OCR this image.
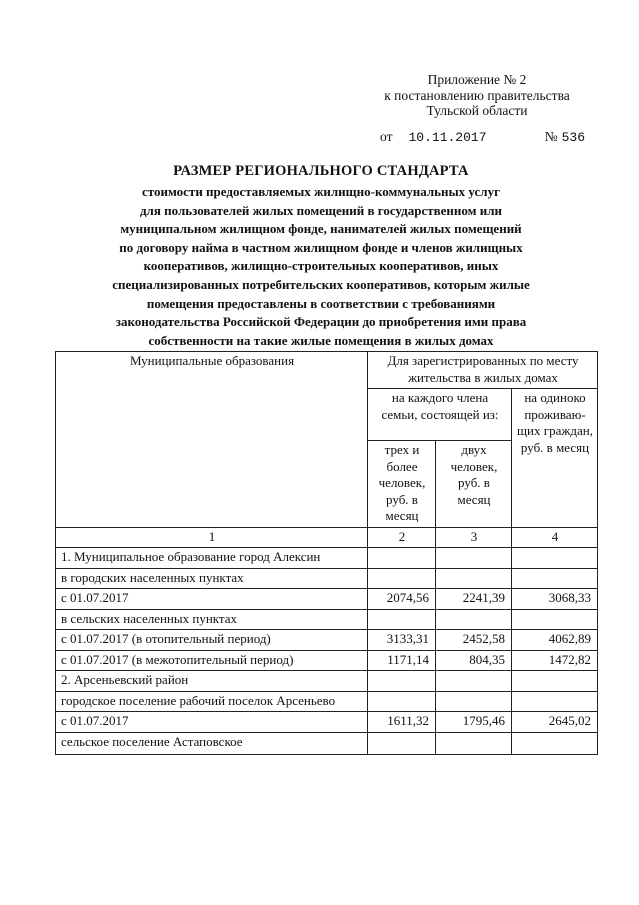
Приложение № 2
к постановлению правительства
Тульской области
от 10.11.2017	№ 536
РАЗМЕР РЕГИОНАЛЬНОГО СТАНДАРТА
стоимости предоставляемых жилищно-коммунальных услуг
для пользователей жилых помещений в государственном или
муниципальном жилищном фонде, нанимателей жилых помещений
по договору найма в частном жилищном фонде и членов жилищных
кооперативов, жилищно-строительных кооперативов, иных
специализированных потребительских кооперативов, которым жилые
помещения предоставлены в соответствии с требованиями
законодательства Российской Федерации до приобретения ими права
собственности на такие жилые помещения в жилых домах
Муниципальные образования	Для зарегистрированных по месту жительства в жилых домах		
	на каждого члена семьи, состоящей из:		на одиноко проживаю-щих граждан, руб. в месяц
	трех и более человек, руб. в месяц	двух человек, руб. в месяц	
1	2	3	4
1. Муниципальное образование город Алексин			
в городских населенных пунктах			
с 01.07.2017	2074,56	2241,39	3068,33
в сельских населенных пунктах			
с 01.07.2017 (в отопительный период)	3133,31	2452,58	4062,89
с 01.07.2017 (в межотопительный период)	1171,14	804,35	1472,82
2. Арсеньевский район			
городское поселение рабочий поселок Арсеньево			
с 01.07.2017	1611,32	1795,46	2645,02
сельское поселение Астаповское			
